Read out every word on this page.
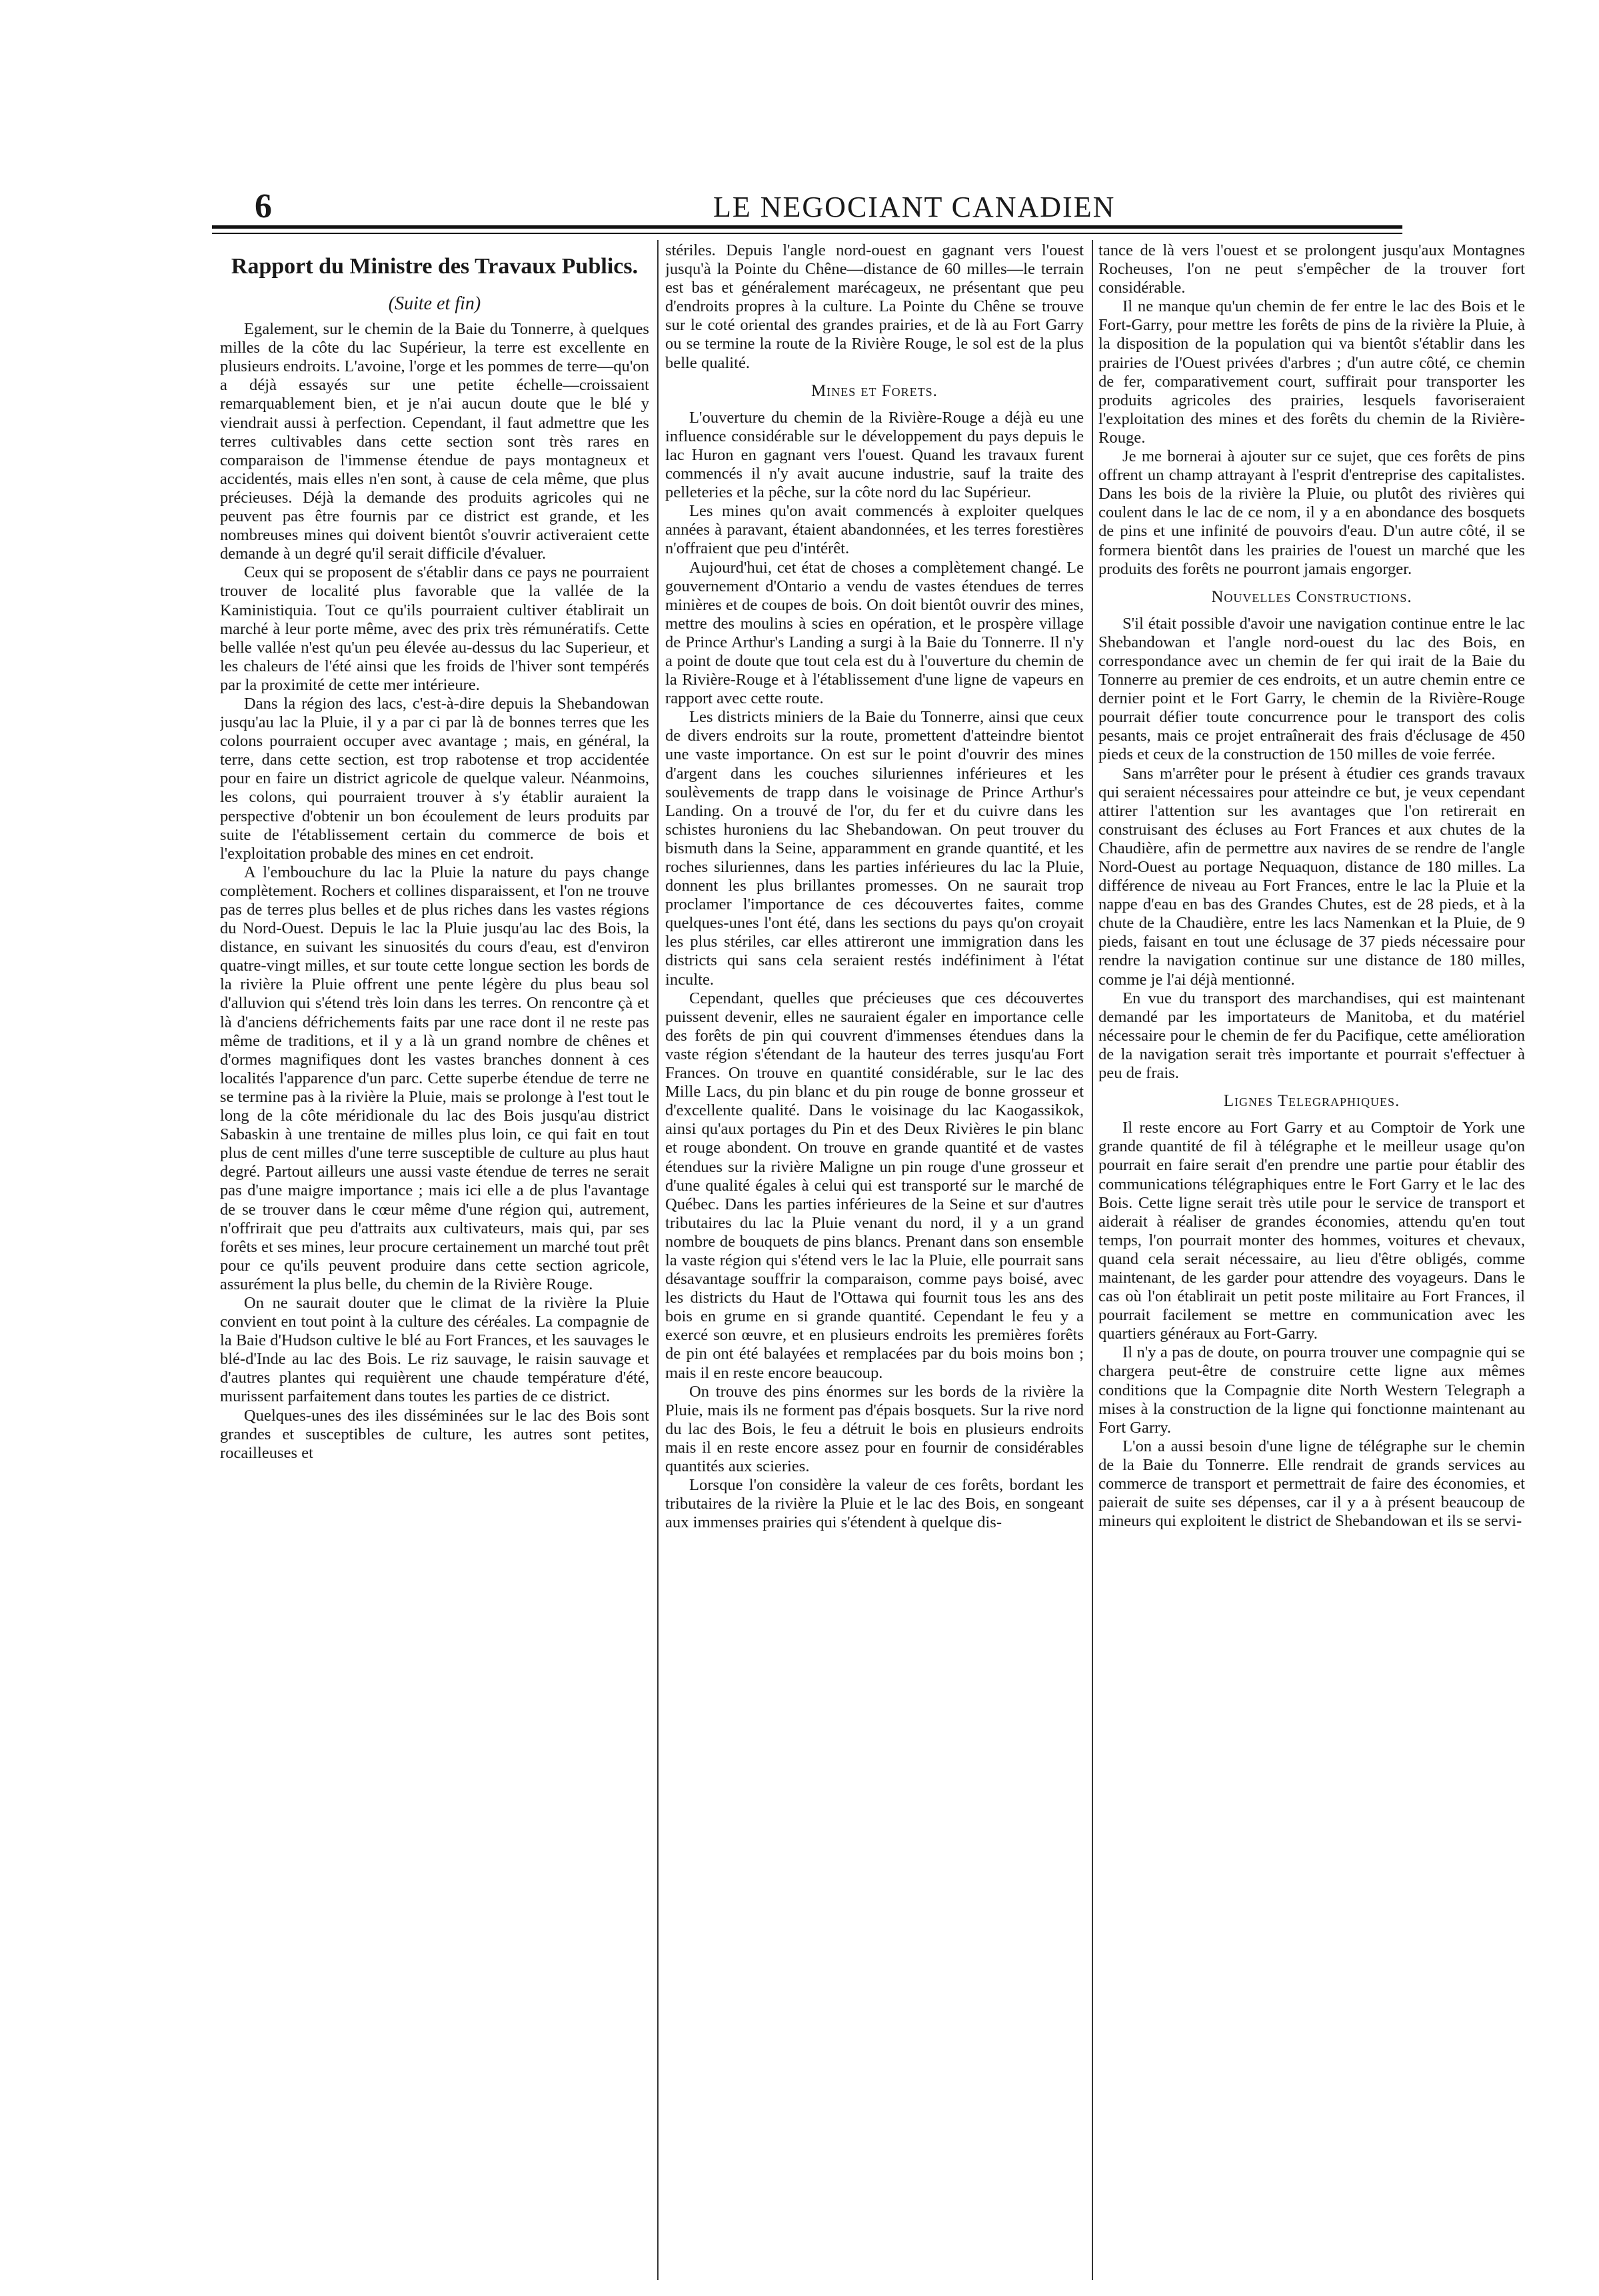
6	LE NEGOCIANT CANADIEN
Rapport du Ministre des Travaux Publics.
(Suite et fin)

Egalement, sur le chemin de la Baie du Tonnerre, à quelques milles de la côte du lac Supérieur, la terre est excellente en plusieurs endroits. L'avoine, l'orge et les pommes de terre—qu'on a déjà essayés sur une petite échelle—croissaient remarquablement bien, et je n'ai aucun doute que le blé y viendrait aussi à perfection. Cependant, il faut admettre que les terres cultivables dans cette section sont très rares en comparaison de l'immense étendue de pays montagneux et accidentés, mais elles n'en sont, à cause de cela même, que plus précieuses. Déjà la demande des produits agricoles qui ne peuvent pas être fournis par ce district est grande, et les nombreuses mines qui doivent bientôt s'ouvrir activeraient cette demande à un degré qu'il serait difficile d'évaluer.

Ceux qui se proposent de s'établir dans ce pays ne pourraient trouver de localité plus favorable que la vallée de la Kaministiquia. Tout ce qu'ils pourraient cultiver établirait un marché à leur porte même, avec des prix très rémunératifs. Cette belle vallée n'est qu'un peu élevée au-dessus du lac Superieur, et les chaleurs de l'été ainsi que les froids de l'hiver sont tempérés par la proximité de cette mer intérieure.

Dans la région des lacs, c'est-à-dire depuis la Shebandowan jusqu'au lac la Pluie, il y a par ci par là de bonnes terres que les colons pourraient occuper avec avantage ; mais, en général, la terre, dans cette section, est trop rabotense et trop accidentée pour en faire un district agricole de quelque valeur. Néanmoins, les colons, qui pourraient trouver à s'y établir auraient la perspective d'obtenir un bon écoulement de leurs produits par suite de l'établissement certain du commerce de bois et l'exploitation probable des mines en cet endroit.

A l'embouchure du lac la Pluie la nature du pays change complètement. Rochers et collines disparaissent, et l'on ne trouve pas de terres plus belles et de plus riches dans les vastes régions du Nord-Ouest. Depuis le lac la Pluie jusqu'au lac des Bois, la distance, en suivant les sinuosités du cours d'eau, est d'environ quatre-vingt milles, et sur toute cette longue section les bords de la rivière la Pluie offrent une pente légère du plus beau sol d'alluvion qui s'étend très loin dans les terres. On rencontre çà et là d'anciens défrichements faits par une race dont il ne reste pas même de traditions, et il y a là un grand nombre de chênes et d'ormes magnifiques dont les vastes branches donnent à ces localités l'apparence d'un parc. Cette superbe étendue de terre ne se termine pas à la rivière la Pluie, mais se prolonge à l'est tout le long de la côte méridionale du lac des Bois jusqu'au district Sabaskin à une trentaine de milles plus loin, ce qui fait en tout plus de cent milles d'une terre susceptible de culture au plus haut degré. Partout ailleurs une aussi vaste étendue de terres ne serait pas d'une maigre importance ; mais ici elle a de plus l'avantage de se trouver dans le cœur même d'une région qui, autrement, n'offrirait que peu d'attraits aux cultivateurs, mais qui, par ses forêts et ses mines, leur procure certainement un marché tout prêt pour ce qu'ils peuvent produire dans cette section agricole, assurément la plus belle, du chemin de la Rivière Rouge.

On ne saurait douter que le climat de la rivière la Pluie convient en tout point à la culture des céréales. La compagnie de la Baie d'Hudson cultive le blé au Fort Frances, et les sauvages le blé-d'Inde au lac des Bois. Le riz sauvage, le raisin sauvage et d'autres plantes qui requièrent une chaude température d'été, murissent parfaitement dans toutes les parties de ce district.

Quelques-unes des iles disséminées sur le lac des Bois sont grandes et susceptibles de culture, les autres sont petites, rocailleuses et

stériles. Depuis l'angle nord-ouest en gagnant vers l'ouest jusqu'à la Pointe du Chêne—distance de 60 milles—le terrain est bas et généralement marécageux, ne présentant que peu d'endroits propres à la culture. La Pointe du Chêne se trouve sur le coté oriental des grandes prairies, et de là au Fort Garry ou se termine la route de la Rivière Rouge, le sol est de la plus belle qualité.

Mines et Forets.

L'ouverture du chemin de la Rivière-Rouge a déjà eu une influence considérable sur le développement du pays depuis le lac Huron en gagnant vers l'ouest. Quand les travaux furent commencés il n'y avait aucune industrie, sauf la traite des pelleteries et la pêche, sur la côte nord du lac Supérieur.

Les mines qu'on avait commencés à exploiter quelques années à paravant, étaient abandonnées, et les terres forestières n'offraient que peu d'intérêt.

Aujourd'hui, cet état de choses a complètement changé. Le gouvernement d'Ontario a vendu de vastes étendues de terres minières et de coupes de bois. On doit bientôt ouvrir des mines, mettre des moulins à scies en opération, et le prospère village de Prince Arthur's Landing a surgi à la Baie du Tonnerre. Il n'y a point de doute que tout cela est du à l'ouverture du chemin de la Rivière-Rouge et à l'établissement d'une ligne de vapeurs en rapport avec cette route.

Les districts miniers de la Baie du Tonnerre, ainsi que ceux de divers endroits sur la route, promettent d'atteindre bientot une vaste importance. On est sur le point d'ouvrir des mines d'argent dans les couches siluriennes inférieures et les soulèvements de trapp dans le voisinage de Prince Arthur's Landing. On a trouvé de l'or, du fer et du cuivre dans les schistes huroniens du lac Shebandowan. On peut trouver du bismuth dans la Seine, apparamment en grande quantité, et les roches siluriennes, dans les parties inférieures du lac la Pluie, donnent les plus brillantes promesses. On ne saurait trop proclamer l'importance de ces découvertes faites, comme quelques-unes l'ont été, dans les sections du pays qu'on croyait les plus stériles, car elles attireront une immigration dans les districts qui sans cela seraient restés indéfiniment à l'état inculte.

Cependant, quelles que précieuses que ces découvertes puissent devenir, elles ne sauraient égaler en importance celle des forêts de pin qui couvrent d'immenses étendues dans la vaste région s'étendant de la hauteur des terres jusqu'au Fort Frances. On trouve en quantité considérable, sur le lac des Mille Lacs, du pin blanc et du pin rouge de bonne grosseur et d'excellente qualité. Dans le voisinage du lac Kaogassikok, ainsi qu'aux portages du Pin et des Deux Rivières le pin blanc et rouge abondent. On trouve en grande quantité et de vastes étendues sur la rivière Maligne un pin rouge d'une grosseur et d'une qualité égales à celui qui est transporté sur le marché de Québec. Dans les parties inférieures de la Seine et sur d'autres tributaires du lac la Pluie venant du nord, il y a un grand nombre de bouquets de pins blancs. Prenant dans son ensemble la vaste région qui s'étend vers le lac la Pluie, elle pourrait sans désavantage souffrir la comparaison, comme pays boisé, avec les districts du Haut de l'Ottawa qui fournit tous les ans des bois en grume en si grande quantité. Cependant le feu y a exercé son œuvre, et en plusieurs endroits les premières forêts de pin ont été balayées et remplacées par du bois moins bon ; mais il en reste encore beaucoup.

On trouve des pins énormes sur les bords de la rivière la Pluie, mais ils ne forment pas d'épais bosquets. Sur la rive nord du lac des Bois, le feu a détruit le bois en plusieurs endroits mais il en reste encore assez pour en fournir de considérables quantités aux scieries.

Lorsque l'on considère la valeur de ces forêts, bordant les tributaires de la rivière la Pluie et le lac des Bois, en songeant aux immenses prairies qui s'étendent à quelque dis-

tance de là vers l'ouest et se prolongent jusqu'aux Montagnes Rocheuses, l'on ne peut s'empêcher de la trouver fort considérable.

Il ne manque qu'un chemin de fer entre le lac des Bois et le Fort-Garry, pour mettre les forêts de pins de la rivière la Pluie, à la disposition de la population qui va bientôt s'établir dans les prairies de l'Ouest privées d'arbres ; d'un autre côté, ce chemin de fer, comparativement court, suffirait pour transporter les produits agricoles des prairies, lesquels favoriseraient l'exploitation des mines et des forêts du chemin de la Rivière-Rouge.

Je me bornerai à ajouter sur ce sujet, que ces forêts de pins offrent un champ attrayant à l'esprit d'entreprise des capitalistes. Dans les bois de la rivière la Pluie, ou plutôt des rivières qui coulent dans le lac de ce nom, il y a en abondance des bosquets de pins et une infinité de pouvoirs d'eau. D'un autre côté, il se formera bientôt dans les prairies de l'ouest un marché que les produits des forêts ne pourront jamais engorger.

Nouvelles Constructions.

S'il était possible d'avoir une navigation continue entre le lac Shebandowan et l'angle nord-ouest du lac des Bois, en correspondance avec un chemin de fer qui irait de la Baie du Tonnerre au premier de ces endroits, et un autre chemin entre ce dernier point et le Fort Garry, le chemin de la Rivière-Rouge pourrait défier toute concurrence pour le transport des colis pesants, mais ce projet entraînerait des frais d'éclusage de 450 pieds et ceux de la construction de 150 milles de voie ferrée.

Sans m'arrêter pour le présent à étudier ces grands travaux qui seraient nécessaires pour atteindre ce but, je veux cependant attirer l'attention sur les avantages que l'on retirerait en construisant des écluses au Fort Frances et aux chutes de la Chaudière, afin de permettre aux navires de se rendre de l'angle Nord-Ouest au portage Nequaquon, distance de 180 milles. La différence de niveau au Fort Frances, entre le lac la Pluie et la nappe d'eau en bas des Grandes Chutes, est de 28 pieds, et à la chute de la Chaudière, entre les lacs Namenkan et la Pluie, de 9 pieds, faisant en tout une éclusage de 37 pieds nécessaire pour rendre la navigation continue sur une distance de 180 milles, comme je l'ai déjà mentionné.

En vue du transport des marchandises, qui est maintenant demandé par les importateurs de Manitoba, et du matériel nécessaire pour le chemin de fer du Pacifique, cette amélioration de la navigation serait très importante et pourrait s'effectuer à peu de frais.

Lignes Telegraphiques.

Il reste encore au Fort Garry et au Comptoir de York une grande quantité de fil à télégraphe et le meilleur usage qu'on pourrait en faire serait d'en prendre une partie pour établir des communications télégraphiques entre le Fort Garry et le lac des Bois. Cette ligne serait très utile pour le service de transport et aiderait à réaliser de grandes économies, attendu qu'en tout temps, l'on pourrait monter des hommes, voitures et chevaux, quand cela serait nécessaire, au lieu d'être obligés, comme maintenant, de les garder pour attendre des voyageurs. Dans le cas où l'on établirait un petit poste militaire au Fort Frances, il pourrait facilement se mettre en communication avec les quartiers généraux au Fort-Garry.

Il n'y a pas de doute, on pourra trouver une compagnie qui se chargera peut-être de construire cette ligne aux mêmes conditions que la Compagnie dite North Western Telegraph a mises à la construction de la ligne qui fonctionne maintenant au Fort Garry.

L'on a aussi besoin d'une ligne de télégraphe sur le chemin de la Baie du Tonnerre. Elle rendrait de grands services au commerce de transport et permettrait de faire des économies, et paierait de suite ses dépenses, car il y a à présent beaucoup de mineurs qui exploitent le district de Shebandowan et ils se servi-
